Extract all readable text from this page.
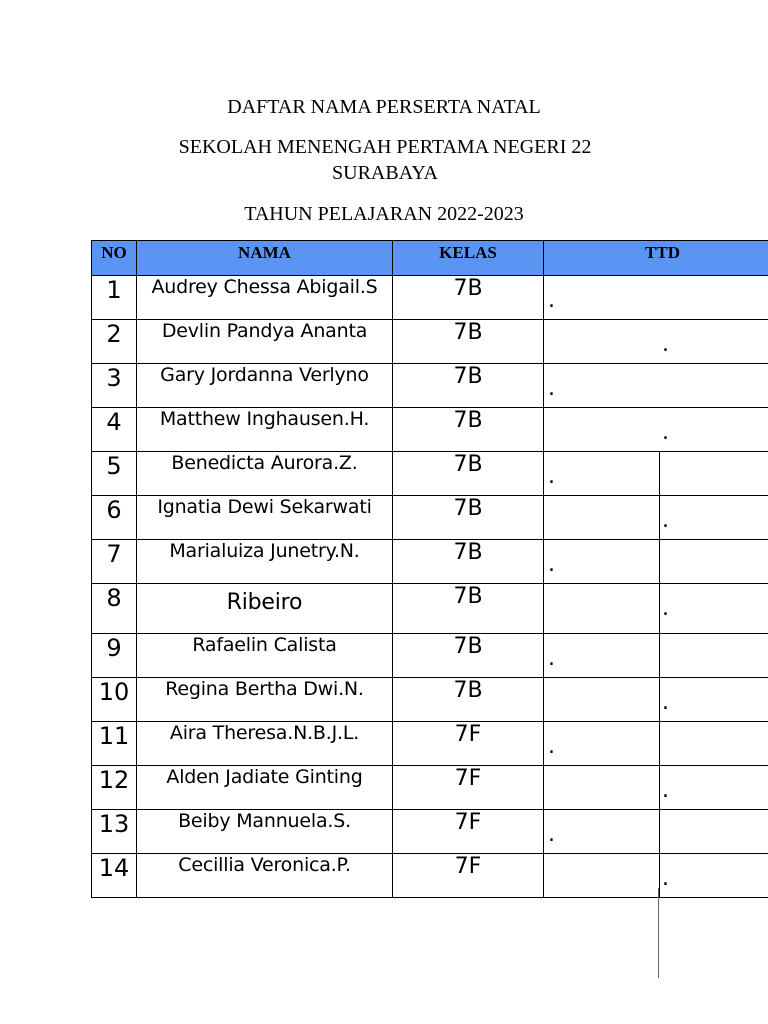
DAFTAR NAMA PERSERTA NATAL
SEKOLAH MENENGAH PERTAMA NEGERI 22 SURABAYA
TAHUN PELAJARAN 2022-2023
NO	NAMA	KELAS	TTD
1	Audrey Chessa Abigail.S	7B	.

2	Devlin Pandya Ananta	7B	.

3	Gary Jordanna Verlyno	7B	.

4	Matthew Inghausen.H.	7B	.

5	Benedicta Aurora.Z.	7B	.

6	Ignatia Dewi Sekarwati	7B	.

7	Marialuiza Junetry.N.	7B	.

8	Ribeiro	7B	.

9	Rafaelin Calista	7B	.

10	Regina Bertha Dwi.N.	7B	.

11	Aira Theresa.N.B.J.L.	7F	.

12	Alden Jadiate Ginting	7F	.

13	Beiby Mannuela.S.	7F	.

14	Cecillia Veronica.P.	7F	.
